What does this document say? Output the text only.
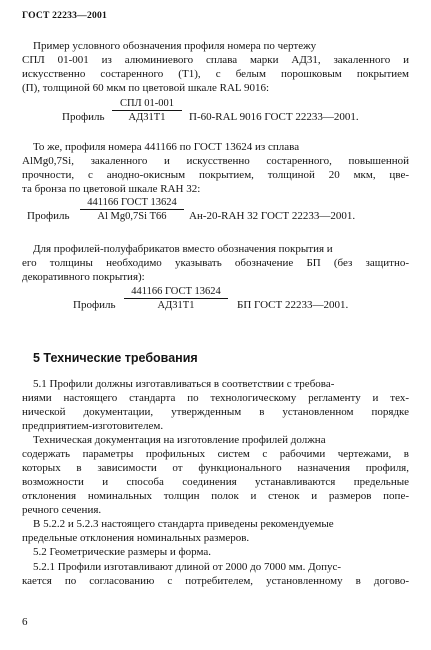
ГОСТ 22233—2001
Пример условного обозначения профиля номера по чертежу
СПЛ 01-001 из алюминиевого сплава марки АД31, закаленного и
искусственно состаренного (Т1), с белым порошковым покрытием
(П), толщиной 60 мкм по цветовой шкале RAL 9016:
Профиль
СПЛ 01-001
АД31Т1	П-60-RAL 9016 ГОСТ 22233—2001.
То же, профиля номера 441166 по ГОСТ 13624 из сплава
AlMg0,7Si, закаленного и искусственно состаренного, повышенной
прочности, с анодно-окисным покрытием, толщиной 20 мкм, цве-
та бронза по цветовой шкале RAH 32:
Профиль
441166 ГОСТ 13624
Al Mg0,7Si Т66	Ан-20-RAH 32 ГОСТ 22233—2001.
Для профилей-полуфабрикатов вместо обозначения покрытия и
его толщины необходимо указывать обозначение БП (без защитно-
декоративного покрытия):
Профиль
441166 ГОСТ 13624
АД31Т1	БП ГОСТ 22233—2001.
5 Технические требования
5.1 Профили должны изготавливаться в соответствии с требова-
ниями настоящего стандарта по технологическому регламенту и тех-
нической документации, утвержденным в установленном порядке
предприятием-изготовителем.
Техническая документация на изготовление профилей должна
содержать параметры профильных систем с рабочими чертежами, в
которых в зависимости от функционального назначения профиля,
возможности и способа соединения устанавливаются предельные
отклонения номинальных толщин полок и стенок и размеров попе-
речного сечения.
В 5.2.2 и 5.2.3 настоящего стандарта приведены рекомендуемые
предельные отклонения номинальных размеров.
5.2 Геометрические размеры и форма.
5.2.1 Профили изготавливают длиной от 2000 до 7000 мм. Допус-
кается по согласованию с потребителем, установленному в догово-
6
